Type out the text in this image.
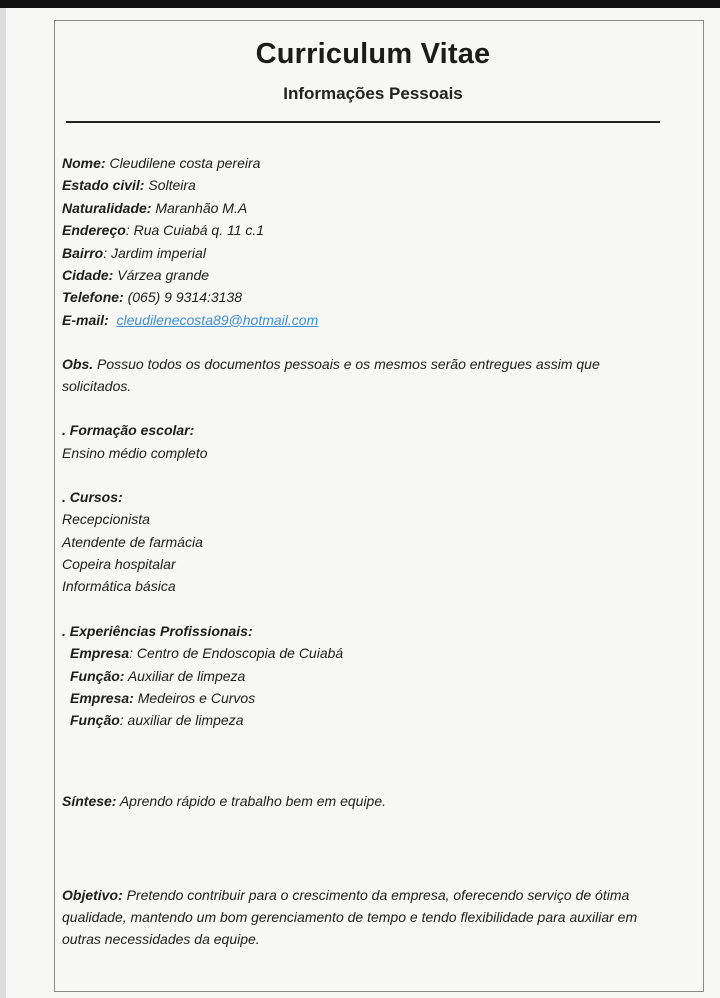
Curriculum Vitae
Informações Pessoais
Nome: Cleudilene costa pereira
Estado civil: Solteira
Naturalidade: Maranhão M.A
Endereço: Rua Cuiabá q. 11 c.1
Bairro: Jardim imperial
Cidade: Várzea grande
Telefone: (065) 9 9314:3138
E-mail: cleudilenecosta89@hotmail.com
Obs. Possuo todos os documentos pessoais e os mesmos serão entregues assim que solicitados.
. Formação escolar:
Ensino médio completo
. Cursos:
Recepcionista
Atendente de farmácia
Copeira hospitalar
Informática básica
. Experiências Profissionais:
Empresa: Centro de Endoscopia de Cuiabá
Função: Auxiliar de limpeza
Empresa: Medeiros e Curvos
Função: auxiliar de limpeza
Síntese: Aprendo rápido e trabalho bem em equipe.
Objetivo: Pretendo contribuir para o crescimento da empresa, oferecendo serviço de ótima qualidade, mantendo um bom gerenciamento de tempo e tendo flexibilidade para auxiliar em outras necessidades da equipe.
